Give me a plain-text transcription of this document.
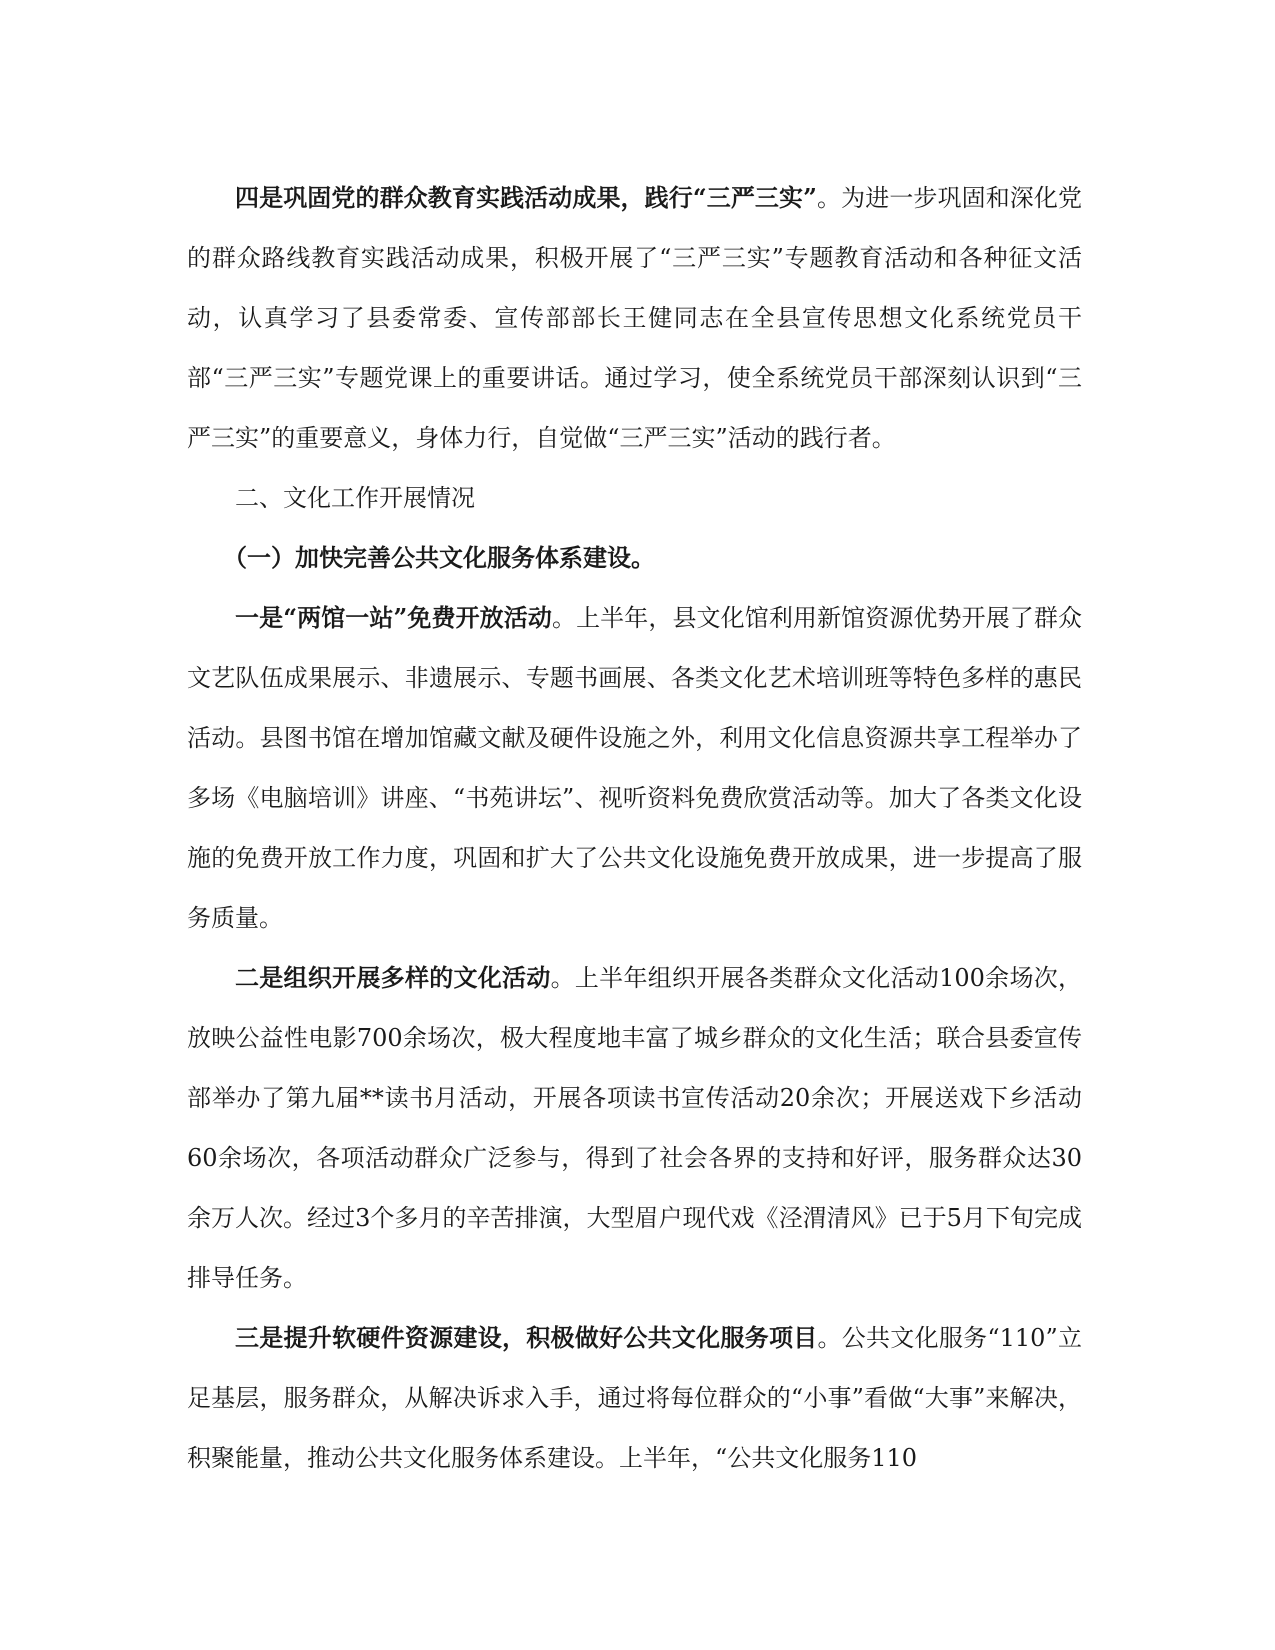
四是巩固党的群众教育实践活动成果，践行“三严三实”。为进一步巩固和深化党的群众路线教育实践活动成果，积极开展了“三严三实”专题教育活动和各种征文活动，认真学习了县委常委、宣传部部长王健同志在全县宣传思想文化系统党员干部“三严三实”专题党课上的重要讲话。通过学习，使全系统党员干部深刻认识到“三严三实”的重要意义，身体力行，自觉做“三严三实”活动的践行者。

二、文化工作开展情况

（一）加快完善公共文化服务体系建设。

一是“两馆一站”免费开放活动。上半年，县文化馆利用新馆资源优势开展了群众文艺队伍成果展示、非遗展示、专题书画展、各类文化艺术培训班等特色多样的惠民活动。县图书馆在增加馆藏文献及硬件设施之外，利用文化信息资源共享工程举办了多场《电脑培训》讲座、“书苑讲坛”、视听资料免费欣赏活动等。加大了各类文化设施的免费开放工作力度，巩固和扩大了公共文化设施免费开放成果，进一步提高了服务质量。

二是组织开展多样的文化活动。上半年组织开展各类群众文化活动100余场次，放映公益性电影700余场次，极大程度地丰富了城乡群众的文化生活；联合县委宣传部举办了第九届**读书月活动，开展各项读书宣传活动20余次；开展送戏下乡活动60余场次，各项活动群众广泛参与，得到了社会各界的支持和好评，服务群众达30余万人次。经过3个多月的辛苦排演，大型眉户现代戏《泾渭清风》已于5月下旬完成排导任务。

三是提升软硬件资源建设，积极做好公共文化服务项目。公共文化服务“110”立足基层，服务群众，从解决诉求入手，通过将每位群众的“小事”看做“大事”来解决，积聚能量，推动公共文化服务体系建设。上半年，“公共文化服务110
